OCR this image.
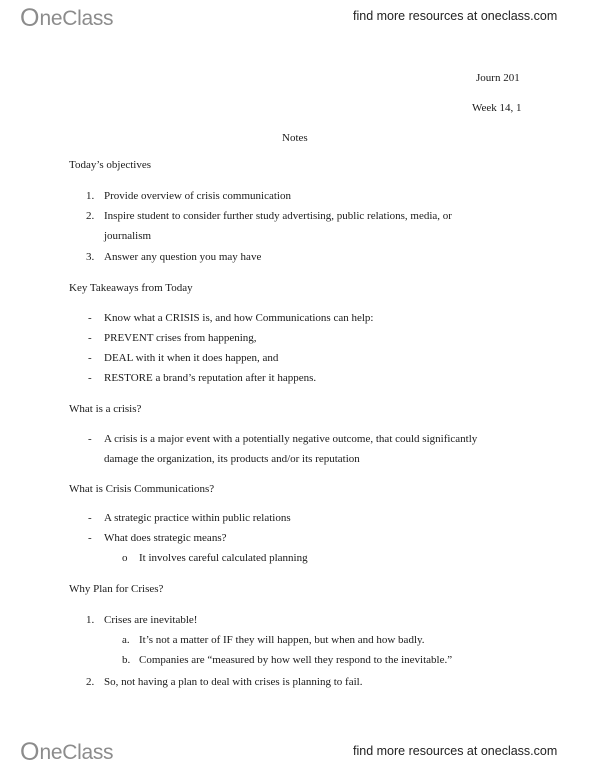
O neClass	find more resources at oneclass.com
Journ 201
Week 14, 1
Notes
Today’s objectives
1. Provide overview of crisis communication
2. Inspire student to consider further study advertising, public relations, media, or
journalism
3. Answer any question you may have
Key Takeaways from Today
- Know what a CRISIS is, and how Communications can help:
- PREVENT crises from happening,
- DEAL with it when it does happen, and
- RESTORE a brand’s reputation after it happens.
What is a crisis?
- A crisis is a major event with a potentially negative outcome, that could significantly
damage the organization, its products and/or its reputation
What is Crisis Communications?
- A strategic practice within public relations
- What does strategic means?
o It involves careful calculated planning
Why Plan for Crises?
1. Crises are inevitable!
a. It’s not a matter of IF they will happen, but when and how badly.
b. Companies are “measured by how well they respond to the inevitable.”
2. So, not having a plan to deal with crises is planning to fail.
O neClass	find more resources at oneclass.com
